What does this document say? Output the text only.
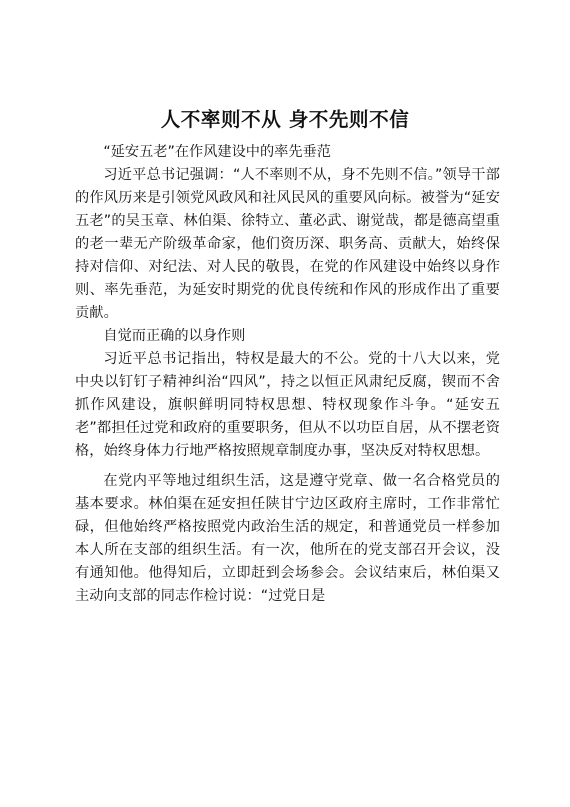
人不率则不从 身不先则不信

“延安五老”在作风建设中的率先垂范

习近平总书记强调：“人不率则不从，身不先则不信。”领导干部的作风历来是引领党风政风和社风民风的重要风向标。被誉为“延安五老”的吴玉章、林伯渠、徐特立、董必武、谢觉哉，都是德高望重的老一辈无产阶级革命家，他们资历深、职务高、贡献大，始终保持对信仰、对纪法、对人民的敬畏，在党的作风建设中始终以身作则、率先垂范，为延安时期党的优良传统和作风的形成作出了重要贡献。

自觉而正确的以身作则

习近平总书记指出，特权是最大的不公。党的十八大以来，党中央以钉钉子精神纠治“四风”，持之以恒正风肃纪反腐，锲而不舍抓作风建设，旗帜鲜明同特权思想、特权现象作斗争。“延安五老”都担任过党和政府的重要职务，但从不以功臣自居，从不摆老资格，始终身体力行地严格按照规章制度办事，坚决反对特权思想。

在党内平等地过组织生活，这是遵守党章、做一名合格党员的基本要求。林伯渠在延安担任陕甘宁边区政府主席时，工作非常忙碌，但他始终严格按照党内政治生活的规定，和普通党员一样参加本人所在支部的组织生活。有一次，他所在的党支部召开会议，没有通知他。他得知后，立即赶到会场参会。会议结束后，林伯渠又主动向支部的同志作检讨说：“过党日是
